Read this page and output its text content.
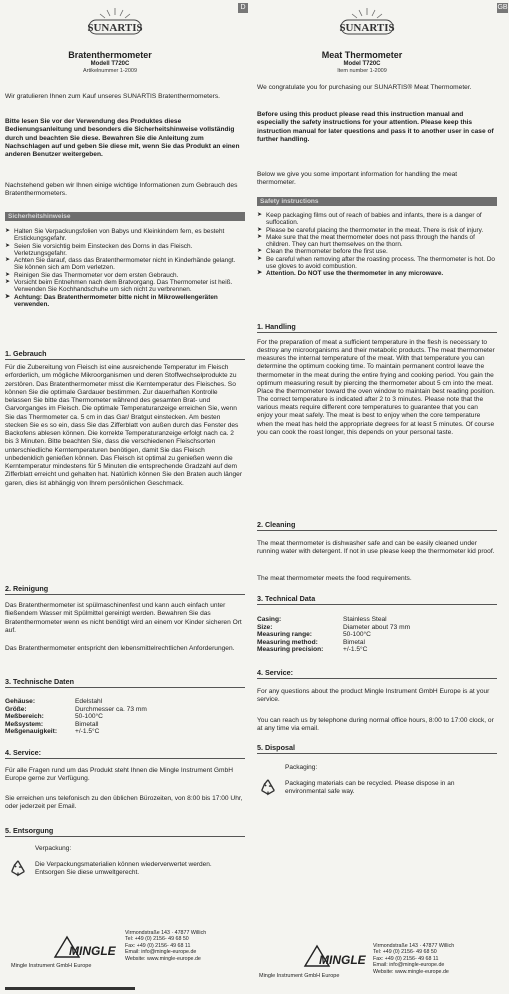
D
SUNARTIS
Bratenthermometer
Modell T720C
Artikelnummer 1-2009
Wir gratulieren Ihnen zum Kauf unseres SUNARTIS Bratenthermometers.
Bitte lesen Sie vor der Verwendung des Produktes diese Bedienungsanleitung und besonders die Sicherheitshinweise vollständig durch und beachten Sie diese. Bewahren Sie die Anleitung zum Nachschlagen auf und geben Sie diese mit, wenn Sie das Produkt an einen anderen Benutzer weitergeben.
Nachstehend geben wir Ihnen einige wichtige Informationen zum Gebrauch des Bratenthermometers.
Sicherheitshinweise
➤ Halten Sie Verpackungsfolien von Babys und Kleinkindern fern, es besteht Erstickungsgefahr.
➤ Seien Sie vorsichtig beim Einstecken des Dorns in das Fleisch. Verletzungsgefahr.
➤ Achten Sie darauf, dass das Bratenthermometer nicht in Kinderhände gelangt. Sie können sich am Dorn verletzen.
➤ Reinigen Sie das Thermometer vor dem ersten Gebrauch.
➤ Vorsicht beim Entnehmen nach dem Bratvorgang. Das Thermometer ist heiß. Verwenden Sie Kochhandschuhe um sich nicht zu verbrennen.
➤ Achtung: Das Bratenthermometer bitte nicht in Mikrowellengeräten verwenden.
1. Gebrauch
Für die Zubereitung von Fleisch ist eine ausreichende Temperatur im Fleisch erforderlich, um mögliche Mikroorganismen und deren Stoffwechselprodukte zu zerstören. Das Bratenthermometer misst die Kerntemperatur des Fleisches. So können Sie die optimale Gardauer bestimmen. Zur dauerhaften Kontrolle belassen Sie bitte das Thermometer während des gesamten Brat- und Garvorganges im Fleisch. Die optimale Temperaturanzeige erreichen Sie, wenn Sie das Thermometer ca. 5 cm in das Gar/ Bratgut einstecken. Am besten stecken Sie es so ein, dass Sie das Zifferblatt von außen durch das Fenster des Backofens ablesen können. Die korrekte Temperaturanzeige erfolgt nach ca. 2 bis 3 Minuten. Bitte beachten Sie, dass die verschiedenen Fleischsorten unterschiedliche Kerntemperaturen benötigen, damit Sie das Fleisch unbedenklich genießen können. Das Fleisch ist optimal zu genießen wenn die Kerntemperatur mindestens für 5 Minuten die entsprechende Gradzahl auf dem Zifferblatt erreicht und gehalten hat. Natürlich können Sie den Braten auch länger garen, dies ist abhängig von Ihrem persönlichen Geschmack.
2. Reinigung
Das Bratenthermometer ist spülmaschinenfest und kann auch einfach unter fließendem Wasser mit Spülmittel gereinigt werden. Bewahren Sie das Bratenthermometer wenn es nicht benötigt wird an einem vor Kinder sicheren Ort auf.
Das Bratenthermometer entspricht den lebensmittelrechtlichen Anforderungen.
3. Technische Daten
Gehäuse:	Edelstahl
Größe:	Durchmesser ca. 73 mm
Meßbereich:	50-100°C
Meßsystem:	Bimetall
Meßgenauigkeit:	+/-1.5°C
4. Service:
Für alle Fragen rund um das Produkt steht Ihnen die Mingle Instrument GmbH Europe gerne zur Verfügung.
Sie erreichen uns telefonisch zu den üblichen Bürozeiten, von 8:00 bis 17:00 Uhr, oder jederzeit per Email.
5. Entsorgung
Verpackung:
Die Verpackungsmaterialien können wiederverwertet werden. Entsorgen Sie diese umweltgerecht.
MINGLE
Mingle Instrument GmbH Europe
Virmondstraße 143 · 47877 Willich
Tel: +49 (0) 2156- 49 68 50
Fax: +49 (0) 2156- 49 68 11
Email: info@mingle-europe.de
Website: www.mingle-europe.de
GB
SUNARTIS
Meat Thermometer
Model T720C
Item number 1-2009
We congratulate you for purchasing our SUNARTIS® Meat Thermometer.
Before using this product please read this instruction manual and especially the safety instructions for your attention. Please keep this instruction manual for later questions and pass it to another user in case of further handling.
Below we give you some important information for handling the meat thermometer.
Safety instructions
➤ Keep packaging films out of reach of babies and infants, there is a danger of suffocation.
➤ Please be careful placing the thermometer in the meat. There is risk of injury.
➤ Make sure that the meat thermometer does not pass through the hands of children. They can hurt themselves on the thorn.
➤ Clean the thermometer before the first use.
➤ Be careful when removing after the roasting process. The thermometer is hot. Do use gloves to avoid combustion.
➤ Attention. Do NOT use the thermometer in any microwave.
1. Handling
For the preparation of meat a sufficient temperature in the flesh is necessary to destroy any microorganisms and their metabolic products. The meat thermometer measures the internal temperature of the meat. With that temperature you can determine the optimum cooking time. To maintain permanent control leave the thermometer in the meat during the entire frying and cooking period. You gain the optimum measuring result by piercing the thermometer about 5 cm into the meat. Place the thermometer toward the oven window to maintain best reading position. The correct temperature is indicated after 2 to 3 minutes. Please note that the various meats require different core temperatures to guarantee that you can enjoy your meat safely. The meat is best to enjoy when the core temperature when the meat has held the appropriate degrees for at least 5 minutes. Of course you can cook the roast longer, this depends on your personal taste.
2. Cleaning
The meat thermometer is dishwasher safe and can be easily cleaned under running water with detergent. If not in use please keep the thermometer kid proof.
The meat thermometer meets the food requirements.
3. Technical Data
Casing:	Stainless Steal
Size:	Diameter about 73 mm
Measuring range:	50-100°C
Measuring method:	Bimetal
Measuring precision:	+/-1.5°C
4. Service:
For any questions about the product Mingle Instrument GmbH Europe is at your service.
You can reach us by telephone during normal office hours, 8:00 to 17:00 clock, or at any time via email.
5. Disposal
Packaging:
Packaging materials can be recycled. Please dispose in an environmental safe way.
MINGLE
Mingle Instrument GmbH Europe
Virmondstraße 143 · 47877 Willich
Tel: +49 (0) 2156- 49 68 50
Fax: +49 (0) 2156- 49 68 11
Email: info@mingle-europe.de
Website: www.mingle-europe.de
